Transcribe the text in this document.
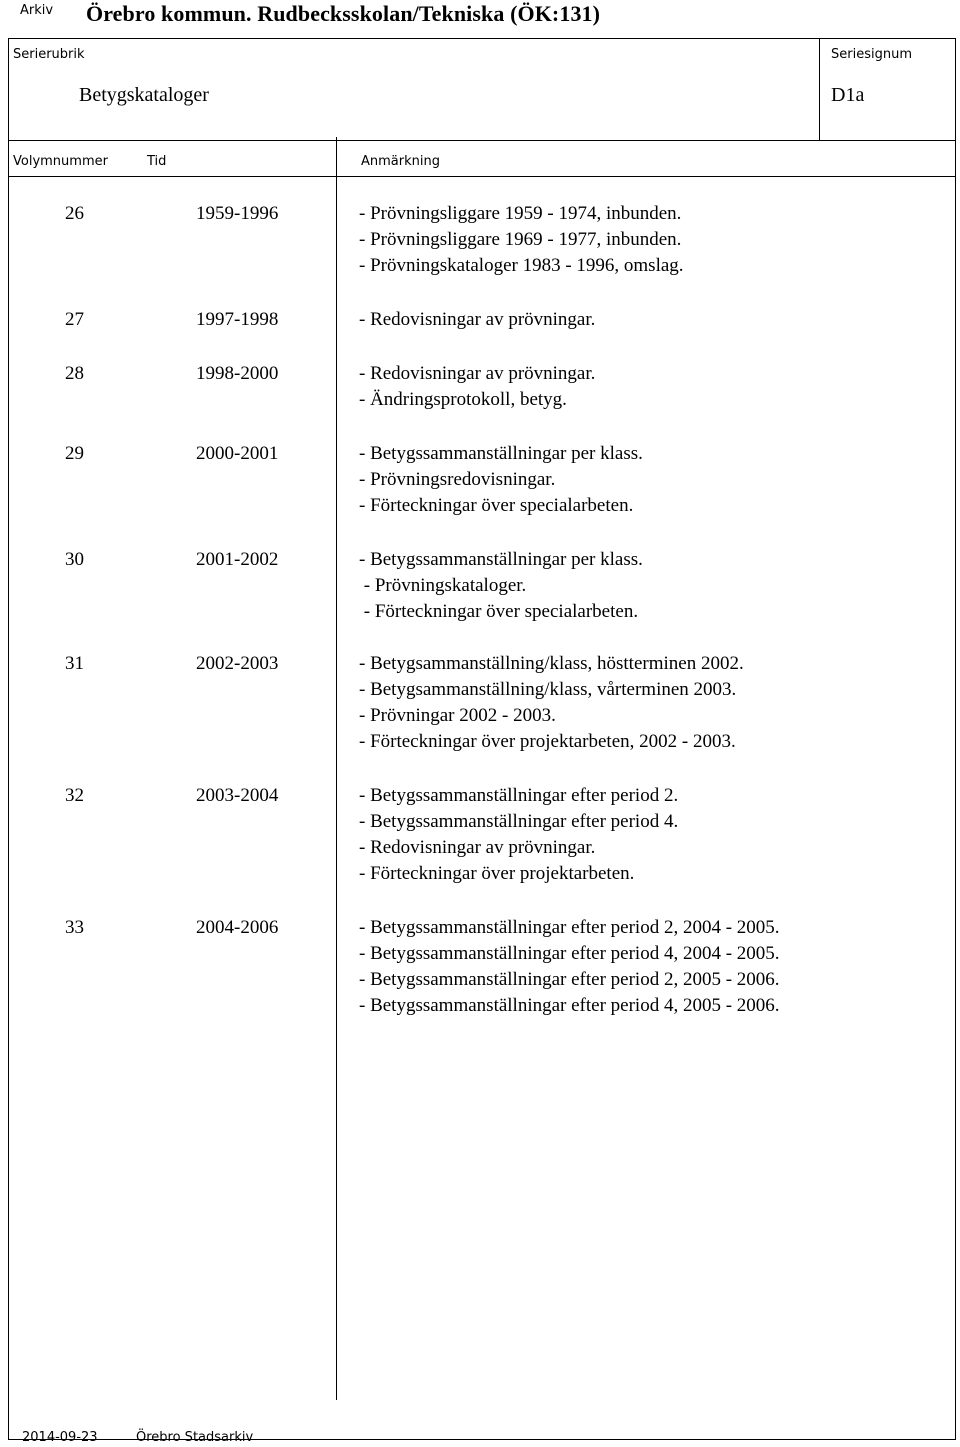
Arkiv Örebro kommun. Rudbecksskolan/Tekniska (ÖK:131)
Serierubrik
Betygskataloger
Seriesignum
D1a
Volymnummer	Tid	Anmärkning
26	1959-1996	- Prövningsliggare 1959 - 1974, inbunden.
- Prövningsliggare 1969 - 1977, inbunden.
- Prövningskataloger 1983 - 1996, omslag.
27	1997-1998	- Redovisningar av prövningar.
28	1998-2000	- Redovisningar av prövningar.
- Ändringsprotokoll, betyg.
29	2000-2001	- Betygssammanställningar per klass.
- Prövningsredovisningar.
- Förteckningar över specialarbeten.
30	2001-2002	- Betygssammanställningar per klass.
- Prövningskataloger.
- Förteckningar över specialarbeten.
31	2002-2003	- Betygsammanställning/klass, höstterminen 2002.
- Betygsammanställning/klass, vårterminen 2003.
- Prövningar 2002 - 2003.
- Förteckningar över projektarbeten, 2002 - 2003.
32	2003-2004	- Betygssammanställningar efter period 2.
- Betygssammanställningar efter period 4.
- Redovisningar av prövningar.
- Förteckningar över projektarbeten.
33	2004-2006	- Betygssammanställningar efter period 2, 2004 - 2005.
- Betygssammanställningar efter period 4, 2004 - 2005.
- Betygssammanställningar efter period 2, 2005 - 2006.
- Betygssammanställningar efter period 4, 2005 - 2006.
2014-09-23	Örebro Stadsarkiv
